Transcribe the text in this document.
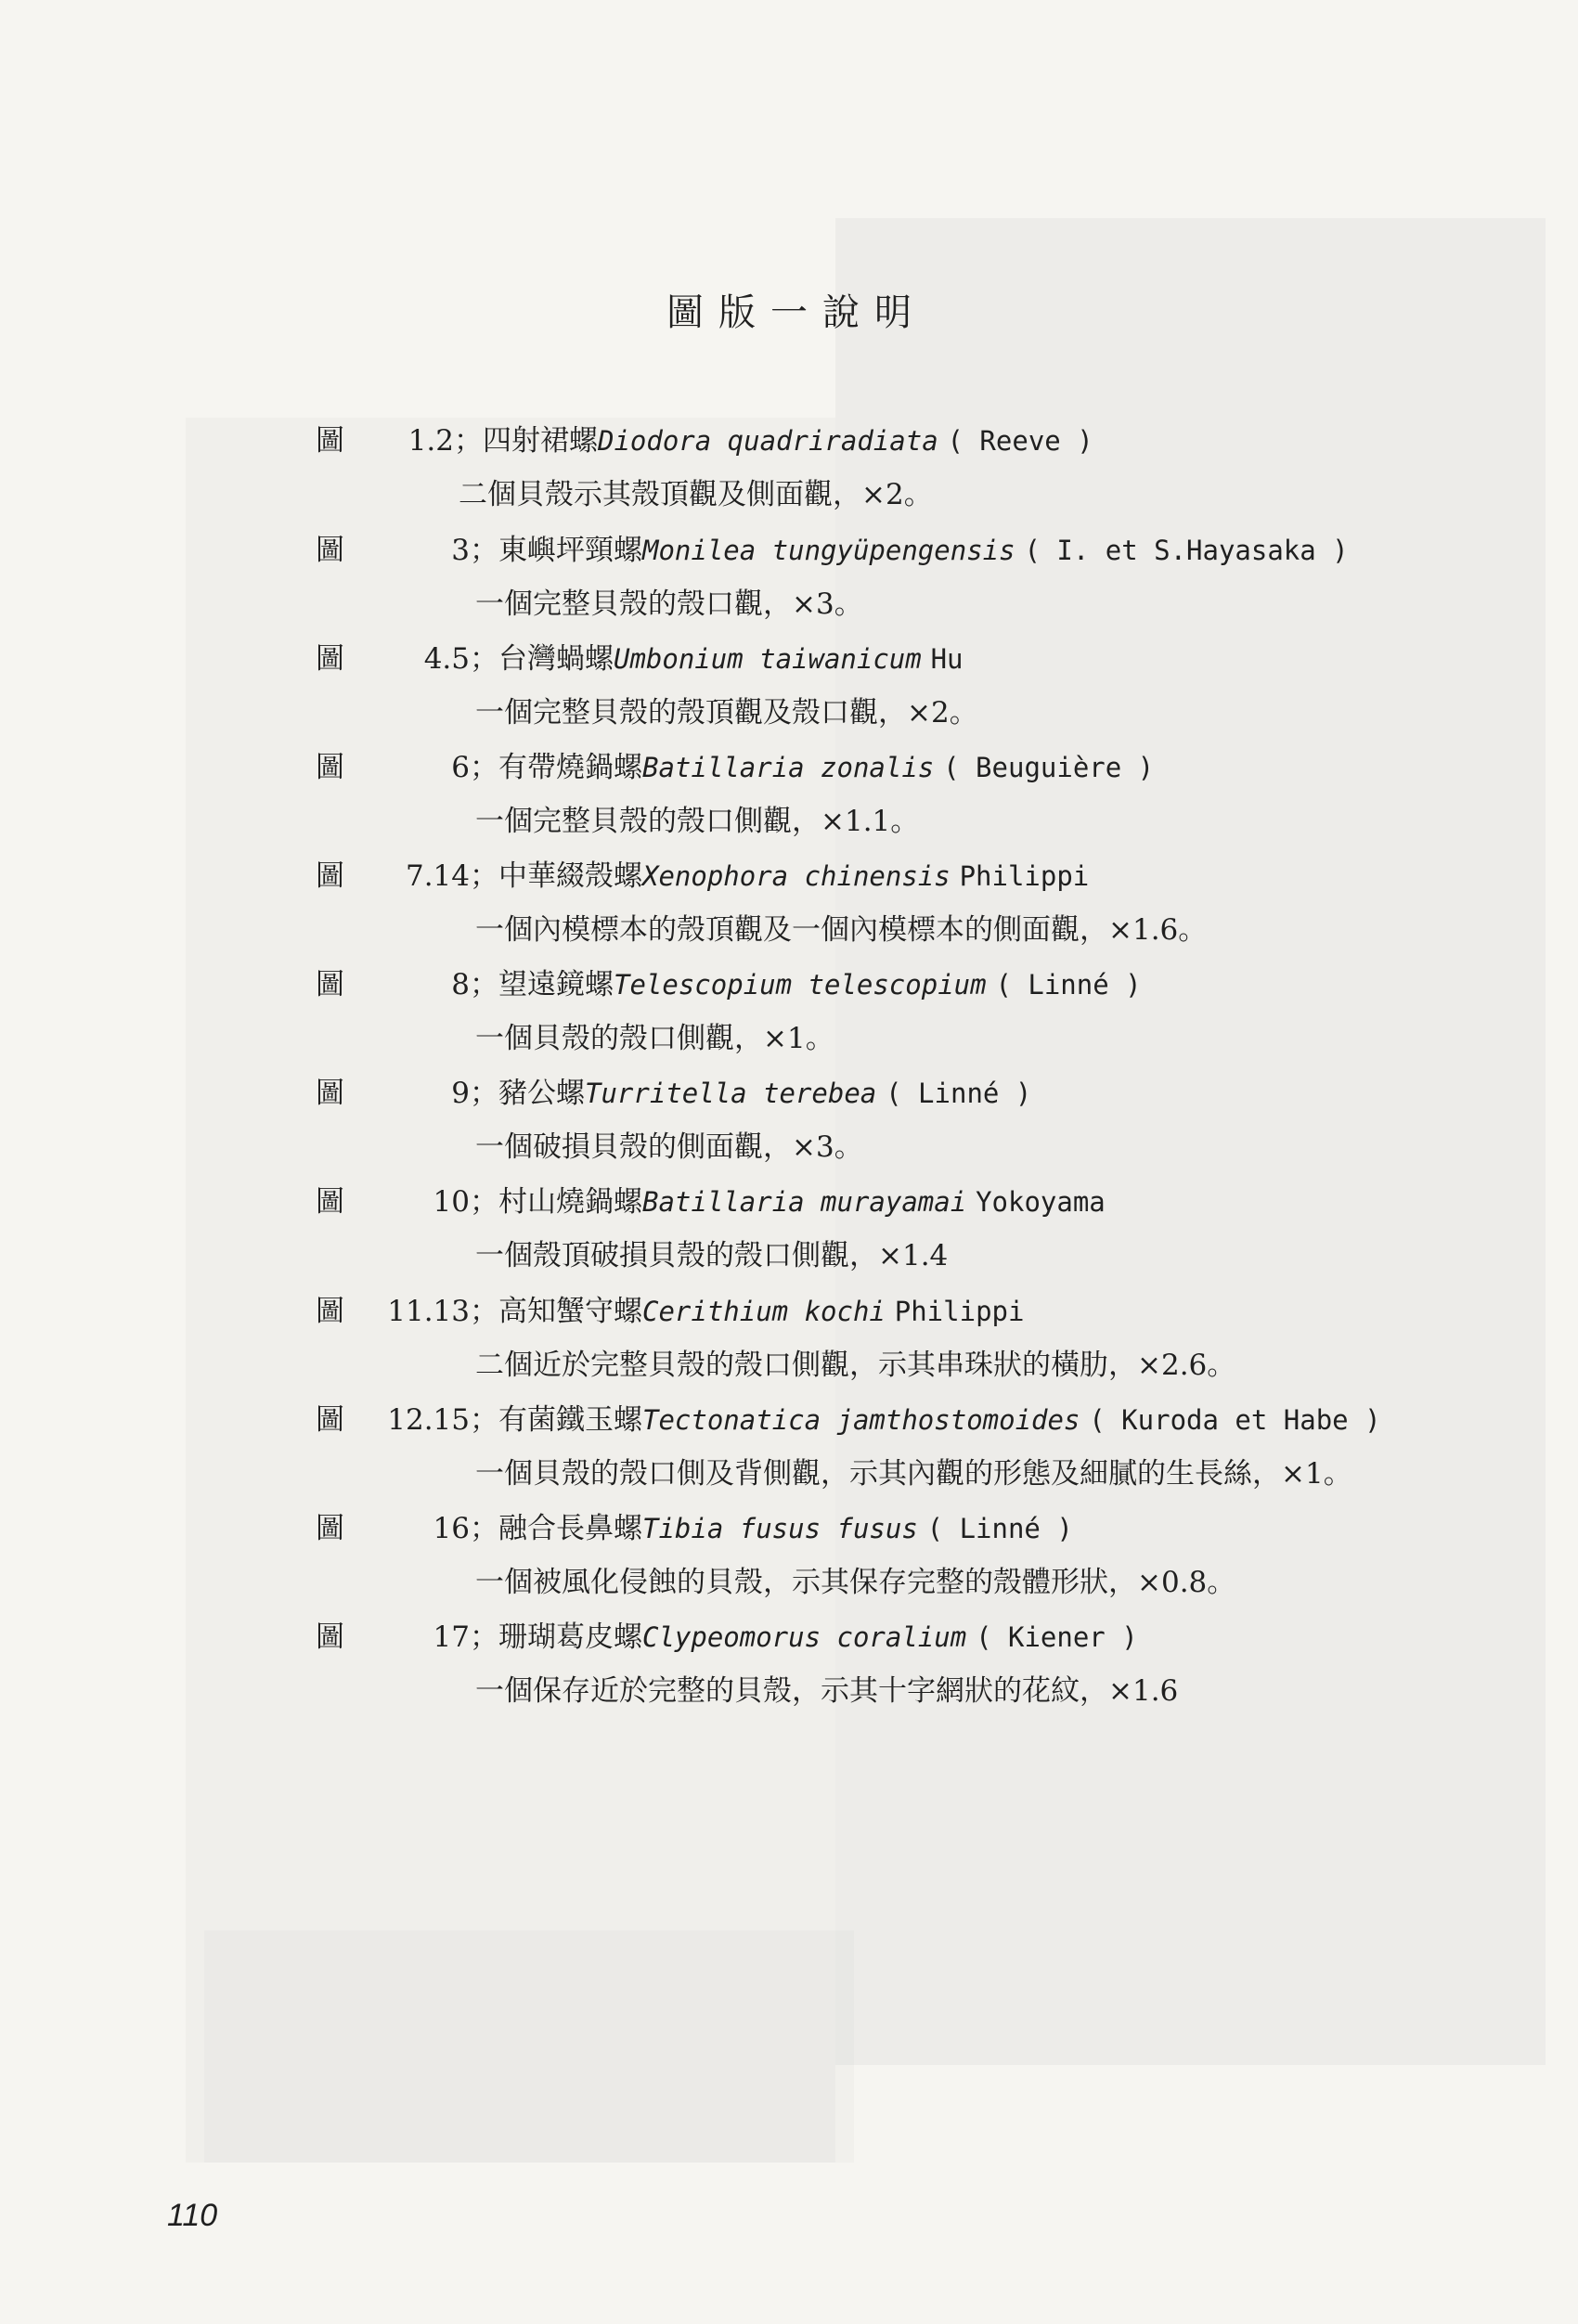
圖版一說明
圖 1.2；四射裙螺Diodora quadriradiata ( Reeve )
二個貝殼示其殼頂觀及側面觀，×2。
圖	3；東嶼坪頸螺Monilea tungyüpengensis ( I. et S.Hayasaka )
一個完整貝殼的殼口觀，×3。
圖	4.5；台灣蝸螺Umbonium taiwanicum Hu
一個完整貝殼的殼頂觀及殼口觀，×2。
圖	6；有帶燒鍋螺Batillaria zonalis ( Beuguière )
一個完整貝殼的殼口側觀，×1.1。
圖 7.14；中華綴殼螺Xenophora chinensis Philippi
一個內模標本的殼頂觀及一個內模標本的側面觀，×1.6。
圖	8；望遠鏡螺Telescopium telescopium ( Linné )
一個貝殼的殼口側觀，×1。
圖	9；豬公螺Turritella terebea ( Linné )
一個破損貝殼的側面觀，×3。
圖	10；村山燒鍋螺Batillaria murayamai Yokoyama
一個殼頂破損貝殼的殼口側觀，×1.4
圖 11.13；高知蟹守螺Cerithium kochi Philippi
二個近於完整貝殼的殼口側觀，示其串珠狀的橫肋，×2.6。
圖 12.15；有菌鐵玉螺Tectonatica jamthostomoides ( Kuroda et Habe )
一個貝殼的殼口側及背側觀，示其內觀的形態及細膩的生長絲，×1。
圖	16；融合長鼻螺Tibia fusus fusus ( Linné )
一個被風化侵蝕的貝殼，示其保存完整的殼體形狀，×0.8。
圖	17；珊瑚葛皮螺Clypeomorus coralium ( Kiener )
一個保存近於完整的貝殼，示其十字網狀的花紋，×1.6
110
